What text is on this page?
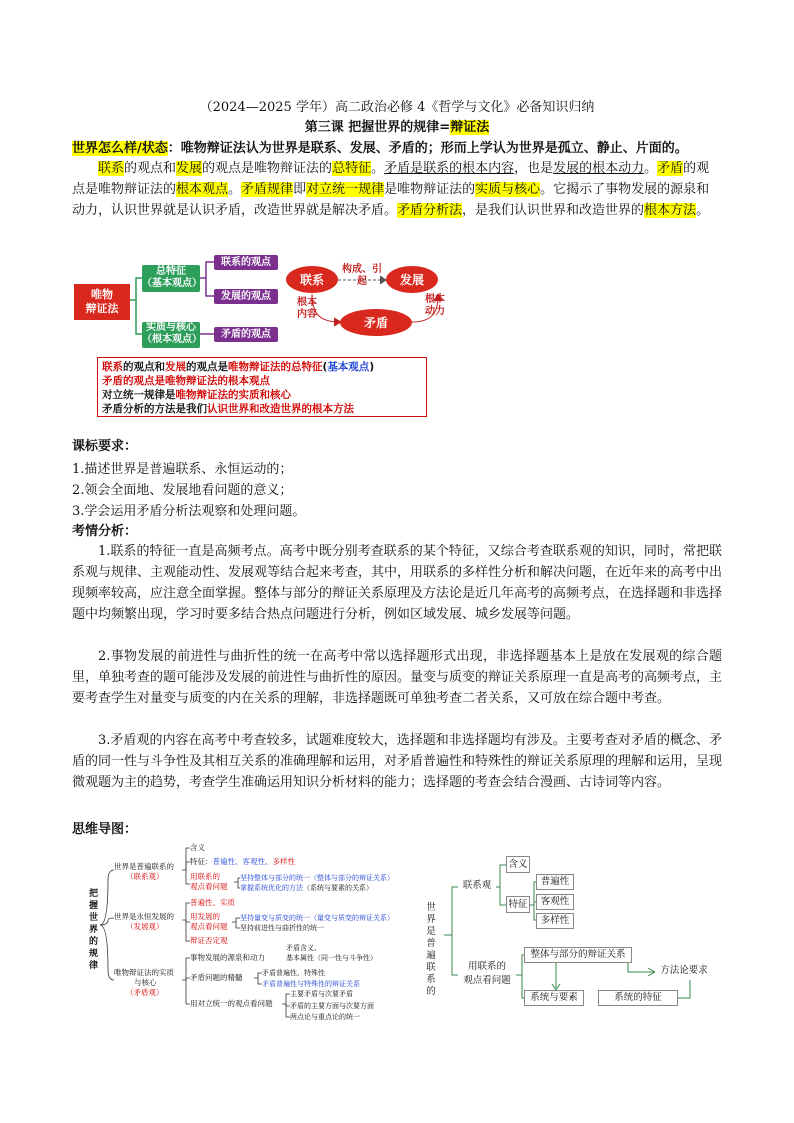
（2024—2025 学年）高二政治必修 4《哲学与文化》必备知识归纳
第三课 把握世界的规律=辩证法
世界怎么样/状态：唯物辩证法认为世界是联系、发展、矛盾的；形而上学认为世界是孤立、静止、片面的。
联系的观点和发展的观点是唯物辩证法的总特征。矛盾是联系的根本内容，也是发展的根本动力。矛盾的观点是唯物辩证法的根本观点。矛盾规律即对立统一规律是唯物辩证法的实质与核心。它揭示了事物发展的源泉和动力，认识世界就是认识矛盾，改造世界就是解决矛盾。矛盾分析法，是我们认识世界和改造世界的根本方法。
唯物
辩证法
总特征
（基本观点）
实质与核心
（根本观点）
联系的观点
发展的观点
矛盾的观点
联系	发展
矛盾
构成、引起
根本
内容
根本
动力
联系的观点和发展的观点是唯物辩证法的总特征(基本观点)
矛盾的观点是唯物辩证法的根本观点
对立统一规律是唯物辩证法的实质和核心
矛盾分析的方法是我们认识世界和改造世界的根本方法
课标要求：
1.描述世界是普遍联系、永恒运动的；
2.领会全面地、发展地看问题的意义；
3.学会运用矛盾分析法观察和处理问题。
考情分析：
1.联系的特征一直是高频考点。高考中既分别考查联系的某个特征，又综合考查联系观的知识，同时，常把联系观与规律、主观能动性、发展观等结合起来考查，其中，用联系的多样性分析和解决问题，在近年来的高考中出现频率较高，应注意全面掌握。整体与部分的辩证关系原理及方法论是近几年高考的高频考点，在选择题和非选择题中均频繁出现，学习时要多结合热点问题进行分析，例如区域发展、城乡发展等问题。
2.事物发展的前进性与曲折性的统一在高考中常以选择题形式出现，非选择题基本上是放在发展观的综合题里，单独考查的题可能涉及发展的前进性与曲折性的原因。量变与质变的辩证关系原理一直是高考的高频考点，主要考查学生对量变与质变的内在关系的理解，非选择题既可单独考查二者关系，又可放在综合题中考查。
3.矛盾观的内容在高考中考查较多，试题难度较大，选择题和非选择题均有涉及。主要考查对矛盾的概念、矛盾的同一性与斗争性及其相互关系的准确理解和运用，对矛盾普遍性和特殊性的辩证关系原理的理解和运用，呈现微观题为主的趋势，考查学生准确运用知识分析材料的能力；选择题的考查会结合漫画、古诗词等内容。
思维导图：
把
握
世
界
的
规
律
世界是普遍联系的
（联系观）
含义
特征：普遍性、客观性、多样性
用联系的
观点看问题
坚持整体与部分的统一（整体与部分的辩证关系）
掌握系统优化的方法（系统与要素的关系）
世界是永恒发展的
（发展观）
普遍性、实质
用发展的
观点看问题
坚持量变与质变的统一（量变与质变的辩证关系）
坚持前进性与曲折性的统一
辩证否定观
唯物辩证法的实质
与核心
（矛盾观）
事物发展的源泉和动力
矛盾含义、
基本属性（同一性与斗争性）
矛盾问题的精髓	矛盾普遍性、特殊性
矛盾普遍性与特殊性的辩证关系
用对立统一的观点看问题
主要矛盾与次要矛盾
矛盾的主要方面与次要方面
两点论与重点论的统一
世
界
是
普
遍
联
系
的
联系观
含义
特征
普遍性
客观性
多样性
用联系的
观点看问题
整体与部分的辩证关系
系统与要素	系统的特征
方法论要求
